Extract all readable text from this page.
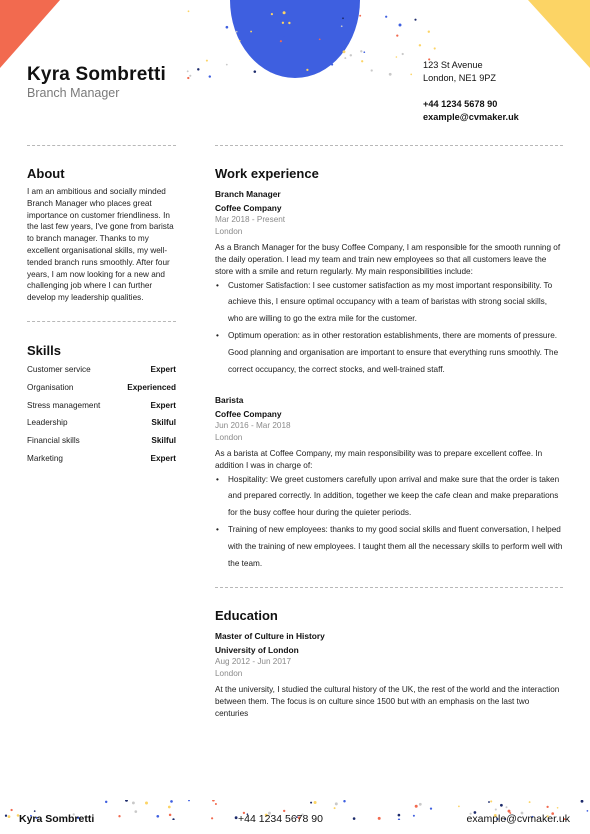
Kyra Sombretti
Branch Manager
123 St Avenue
London, NE1 9PZ
+44 1234 5678 90
example@cvmaker.uk
About
I am an ambitious and socially minded Branch Manager who places great importance on customer friendliness. In the last few years, I've gone from barista to branch manager. Thanks to my excellent organisational skills, my well-tended branch runs smoothly. After four years, I am now looking for a new and challenging job where I can further develop my leadership qualities.
Skills
Customer service	Expert
Organisation	Experienced
Stress management	Expert
Leadership	Skilful
Financial skills	Skilful
Marketing	Expert
Work experience
Branch Manager
Coffee Company
Mar 2018 - Present
London
As a Branch Manager for the busy Coffee Company, I am responsible for the smooth running of the daily operation. I lead my team and train new employees so that all customers leave the store with a smile and return regularly. My main responsibilities include:
• Customer Satisfaction: I see customer satisfaction as my most important responsibility. To achieve this, I ensure optimal occupancy with a team of baristas with strong social skills, who are willing to go the extra mile for the customer.
• Optimum operation: as in other restoration establishments, there are moments of pressure. Good planning and organisation are important to ensure that everything runs smoothly. The correct occupancy, the correct stocks, and well-trained staff.
Barista
Coffee Company
Jun 2016 - Mar 2018
London
As a barista at Coffee Company, my main responsibility was to prepare excellent coffee. In addition I was in charge of:
• Hospitality: We greet customers carefully upon arrival and make sure that the order is taken and prepared correctly. In addition, together we keep the cafe clean and make preparations for the busy coffee hour during the quieter periods.
• Training of new employees: thanks to my good social skills and fluent conversation, I helped with the training of new employees. I taught them all the necessary skills to perform well with the team.
Education
Master of Culture in History
University of London
Aug 2012 - Jun 2017
London
At the university, I studied the cultural history of the UK, the rest of the world and the interaction between them. The focus is on culture since 1500 but with an emphasis on the last two centuries
Kyra Sombretti	+44 1234 5678 90	example@cvmaker.uk
